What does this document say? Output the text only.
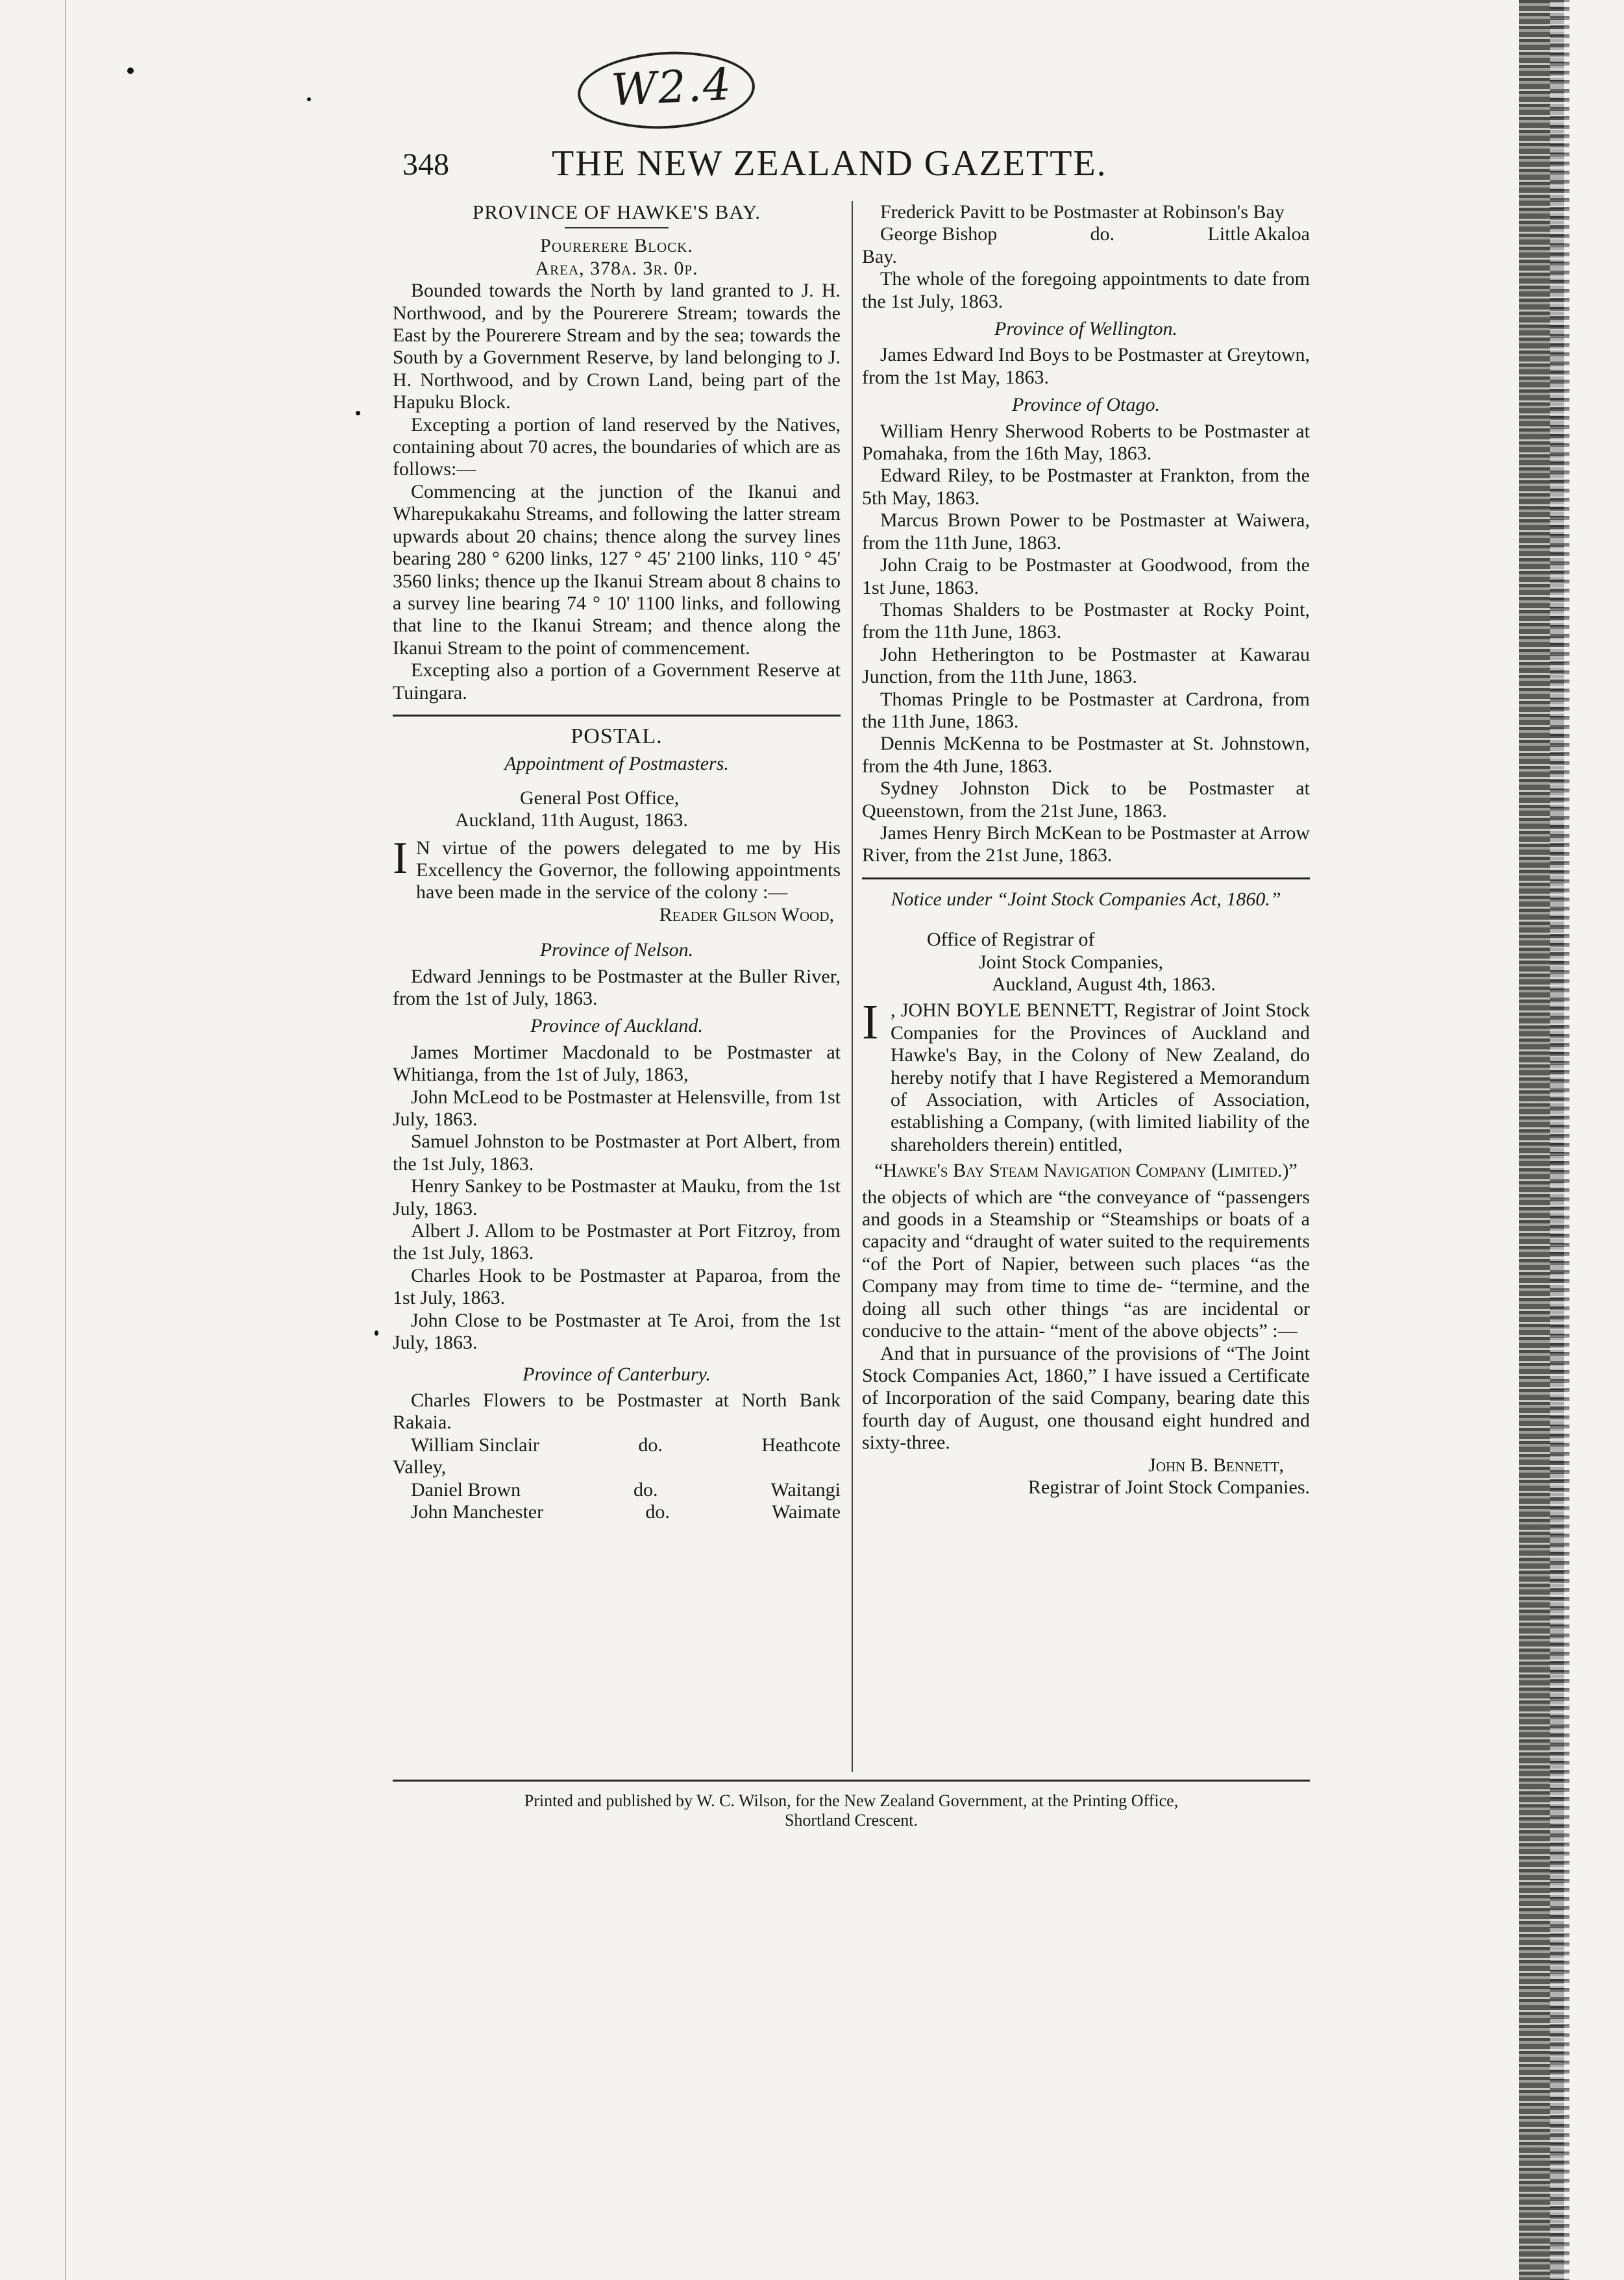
W2.4
348	THE NEW ZEALAND GAZETTE.
PROVINCE OF HAWKE'S BAY.
Pourerere Block.
Area, 378a. 3r. 0p.

Bounded towards the North by land granted to J. H. Northwood, and by the Pourerere Stream; towards the East by the Pourerere Stream and by the sea; towards the South by a Government Reserve, by land belonging to J. H. Northwood, and by Crown Land, being part of the Hapuku Block.

Excepting a portion of land reserved by the Natives, containing about 70 acres, the boundaries of which are as follows:—

Commencing at the junction of the Ikanui and Wharepukakahu Streams, and following the latter stream upwards about 20 chains; thence along the survey lines bearing 280 ° 6200 links, 127 ° 45' 2100 links, 110 ° 45' 3560 links; thence up the Ikanui Stream about 8 chains to a survey line bearing 74 ° 10' 1100 links, and following that line to the Ikanui Stream; and thence along the Ikanui Stream to the point of commencement.

Excepting also a portion of a Government Reserve at Tuingara.

POSTAL.
Appointment of Postmasters.

General Post Office,

Auckland, 11th August, 1863.

I N virtue of the powers delegated to me by His Excellency the Governor, the following appointments have been made in the service of the colony :—

Reader Gilson Wood,

Province of Nelson.

Edward Jennings to be Postmaster at the Buller River, from the 1st of July, 1863.

Province of Auckland.

James Mortimer Macdonald to be Postmaster at Whitianga, from the 1st of July, 1863,

John McLeod to be Postmaster at Helensville, from 1st July, 1863.

Samuel Johnston to be Postmaster at Port Albert, from the 1st July, 1863.

Henry Sankey to be Postmaster at Mauku, from the 1st July, 1863.

Albert J. Allom to be Postmaster at Port Fitzroy, from the 1st July, 1863.

Charles Hook to be Postmaster at Paparoa, from the 1st July, 1863.

John Close to be Postmaster at Te Aroi, from the 1st July, 1863.

Province of Canterbury.

Charles Flowers to be Postmaster at North Bank Rakaia.

William Sinclair	do.	Heathcote

Valley,

Daniel Brown	do.	Waitangi
John Manchester	do.	Waimate

Frederick Pavitt to be Postmaster at Robinson's Bay

George Bishop	do.	Little Akaloa

Bay.

The whole of the foregoing appointments to date from the 1st July, 1863.

Province of Wellington.

James Edward Ind Boys to be Postmaster at Greytown, from the 1st May, 1863.

Province of Otago.

William Henry Sherwood Roberts to be Postmaster at Pomahaka, from the 16th May, 1863.

Edward Riley, to be Postmaster at Frankton, from the 5th May, 1863.

Marcus Brown Power to be Postmaster at Waiwera, from the 11th June, 1863.

John Craig to be Postmaster at Goodwood, from the 1st June, 1863.

Thomas Shalders to be Postmaster at Rocky Point, from the 11th June, 1863.

John Hetherington to be Postmaster at Kawarau Junction, from the 11th June, 1863.

Thomas Pringle to be Postmaster at Cardrona, from the 11th June, 1863.

Dennis McKenna to be Postmaster at St. Johnstown, from the 4th June, 1863.

Sydney Johnston Dick to be Postmaster at Queenstown, from the 21st June, 1863.

James Henry Birch McKean to be Postmaster at Arrow River, from the 21st June, 1863.

Notice under “Joint Stock Companies Act, 1860.”

Office of Registrar of

Joint Stock Companies,

Auckland, August 4th, 1863.

I , JOHN BOYLE BENNETT, Registrar of Joint Stock Companies for the Provinces of Auckland and Hawke's Bay, in the Colony of New Zealand, do hereby notify that I have Registered a Memorandum of Association, with Articles of Association, establishing a Company, (with limited liability of the shareholders therein) entitled,

“Hawke's Bay Steam Navigation Company (Limited.)”

the objects of which are “the conveyance of “passengers and goods in a Steamship or “Steamships or boats of a capacity and “draught of water suited to the requirements “of the Port of Napier, between such places “as the Company may from time to time de- “termine, and the doing all such other things “as are incidental or conducive to the attain- “ment of the above objects” :—

And that in pursuance of the provisions of “The Joint Stock Companies Act, 1860,” I have issued a Certificate of Incorporation of the said Company, bearing date this fourth day of August, one thousand eight hundred and sixty-three.

John B. Bennett,

Registrar of Joint Stock Companies.

Printed and published by W. C. Wilson, for the New Zealand Government, at the Printing Office,
Shortland Crescent.
